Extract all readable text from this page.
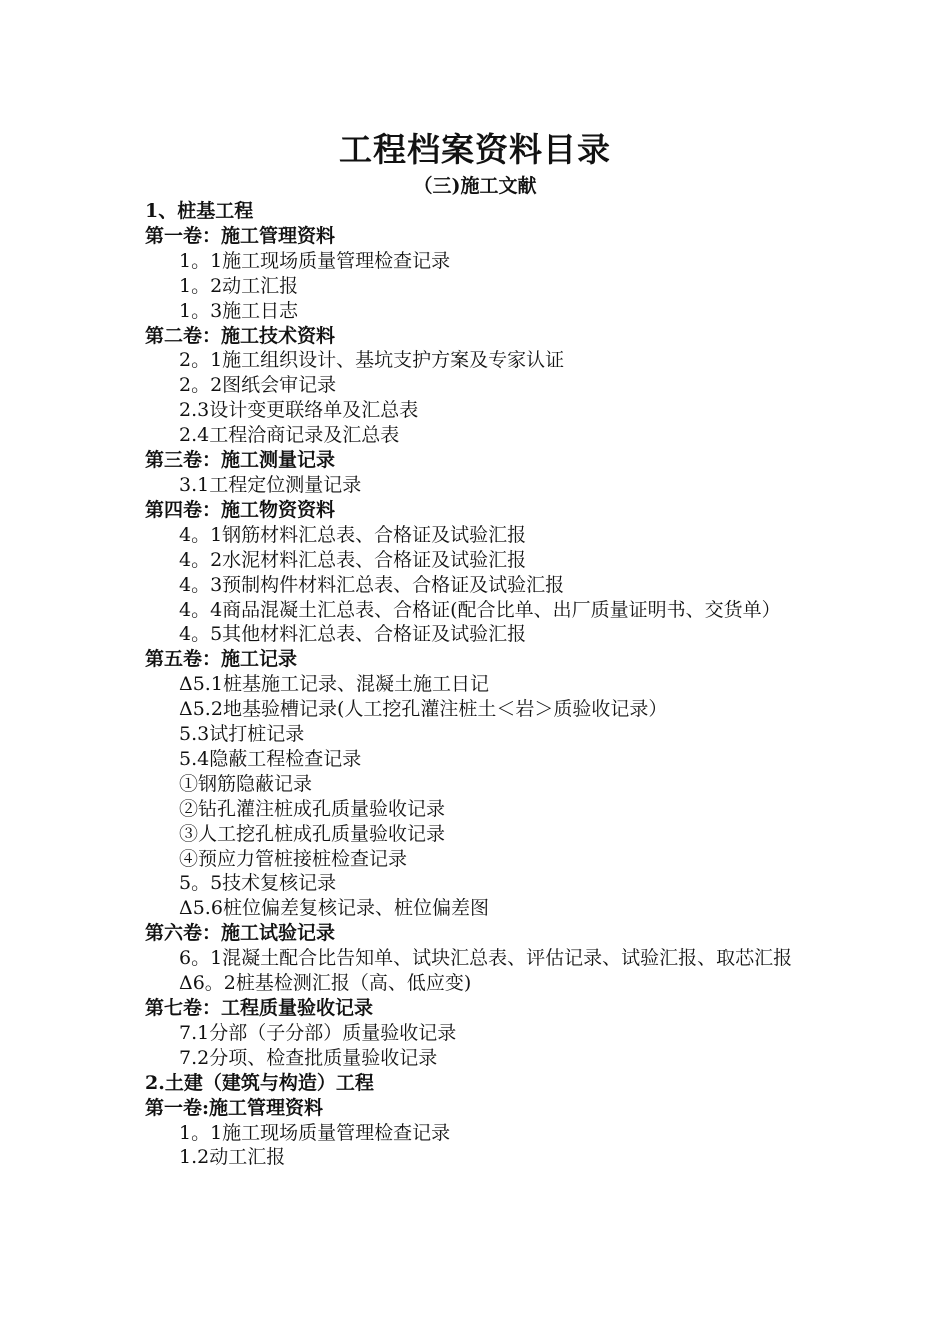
工程档案资料目录
（三)施工文献
1、桩基工程
第一卷：施工管理资料
1。1施工现场质量管理检查记录
1。2动工汇报
1。3施工日志
第二卷：施工技术资料
2。1施工组织设计、基坑支护方案及专家认证
2。2图纸会审记录
2.3设计变更联络单及汇总表
2.4工程洽商记录及汇总表
第三卷：施工测量记录
3.1工程定位测量记录
第四卷：施工物资资料
4。1钢筋材料汇总表、合格证及试验汇报
4。2水泥材料汇总表、合格证及试验汇报
4。3预制构件材料汇总表、合格证及试验汇报
4。4商品混凝土汇总表、合格证(配合比单、出厂质量证明书、交货单）
4。5其他材料汇总表、合格证及试验汇报
第五卷：施工记录
Δ5.1桩基施工记录、混凝土施工日记
Δ5.2地基验槽记录(人工挖孔灌注桩土＜岩＞质验收记录）
5.3试打桩记录
5.4隐蔽工程检查记录
①钢筋隐蔽记录
②钻孔灌注桩成孔质量验收记录
③人工挖孔桩成孔质量验收记录
④预应力管桩接桩检查记录
5。5技术复核记录
Δ5.6桩位偏差复核记录、桩位偏差图
第六卷：施工试验记录
6。1混凝土配合比告知单、试块汇总表、评估记录、试验汇报、取芯汇报
Δ6。2桩基检测汇报（高、低应变)
第七卷：工程质量验收记录
7.1分部（子分部）质量验收记录
7.2分项、检查批质量验收记录
2.土建（建筑与构造）工程
第一卷:施工管理资料
1。1施工现场质量管理检查记录
1.2动工汇报
